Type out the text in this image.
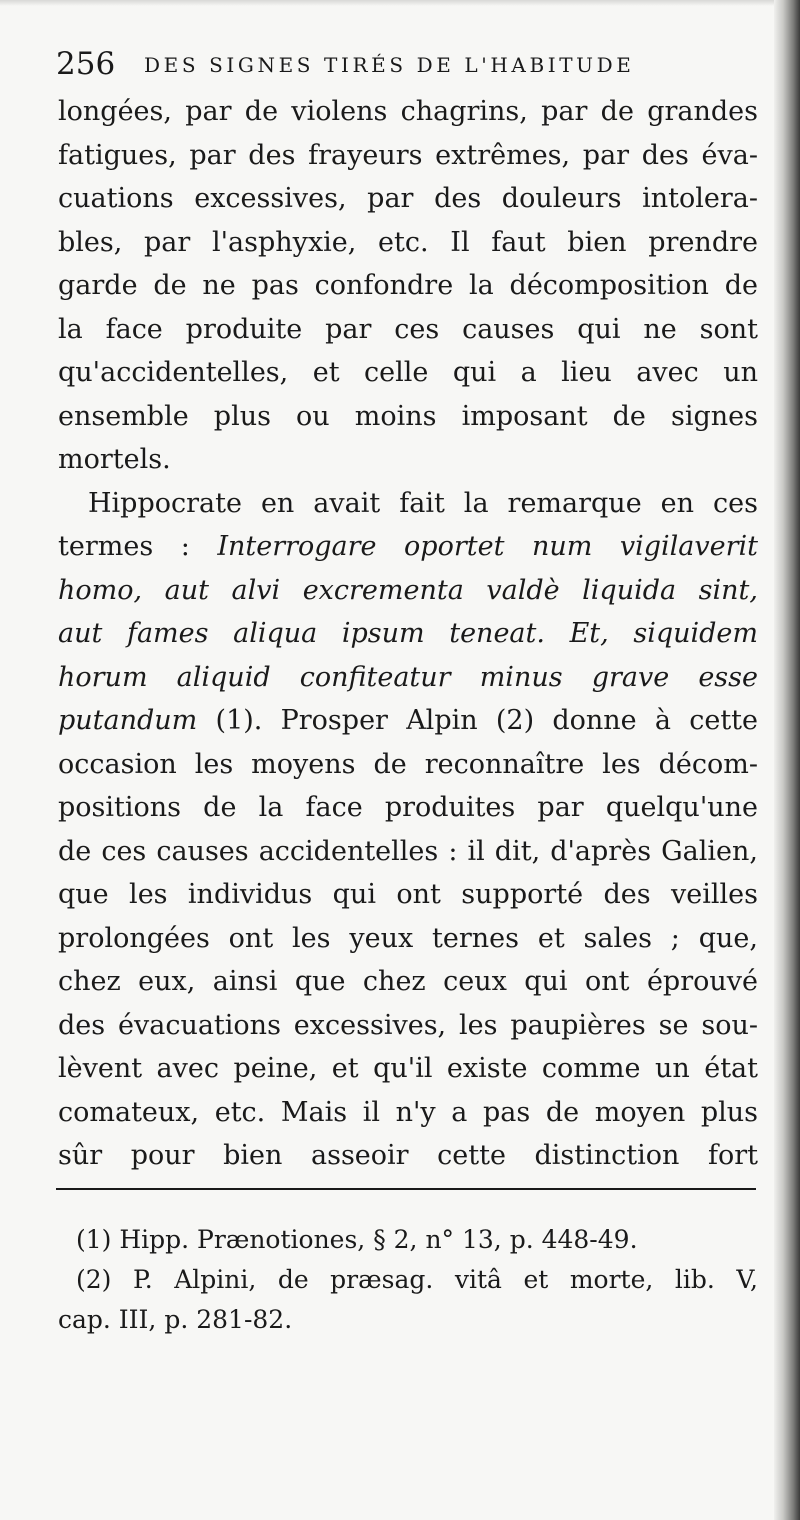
256 DES SIGNES TIRÉS DE L'HABITUDE
longées, par de violens chagrins, par de grandes
fatigues, par des frayeurs extrêmes, par des éva-
cuations excessives, par des douleurs intolera-
bles, par l'asphyxie, etc. Il faut bien prendre
garde de ne pas confondre la décomposition de
la face produite par ces causes qui ne sont
qu'accidentelles, et celle qui a lieu avec un
ensemble plus ou moins imposant de signes
mortels.
Hippocrate en avait fait la remarque en ces
termes : Interrogare oportet num vigilaverit
homo, aut alvi excrementa valdè liquida sint,
aut fames aliqua ipsum teneat. Et, siquidem
horum aliquid confiteatur minus grave esse
putandum (1). Prosper Alpin (2) donne à cette
occasion les moyens de reconnaître les décom-
positions de la face produites par quelqu'une
de ces causes accidentelles : il dit, d'après Galien,
que les individus qui ont supporté des veilles
prolongées ont les yeux ternes et sales ; que,
chez eux, ainsi que chez ceux qui ont éprouvé
des évacuations excessives, les paupières se sou-
lèvent avec peine, et qu'il existe comme un état
comateux, etc. Mais il n'y a pas de moyen plus
sûr pour bien asseoir cette distinction fort
(1) Hipp. Prænotiones, § 2, n° 13, p. 448-49.
(2) P. Alpini, de præsag. vitâ et morte, lib. V,
cap. III, p. 281-82.
